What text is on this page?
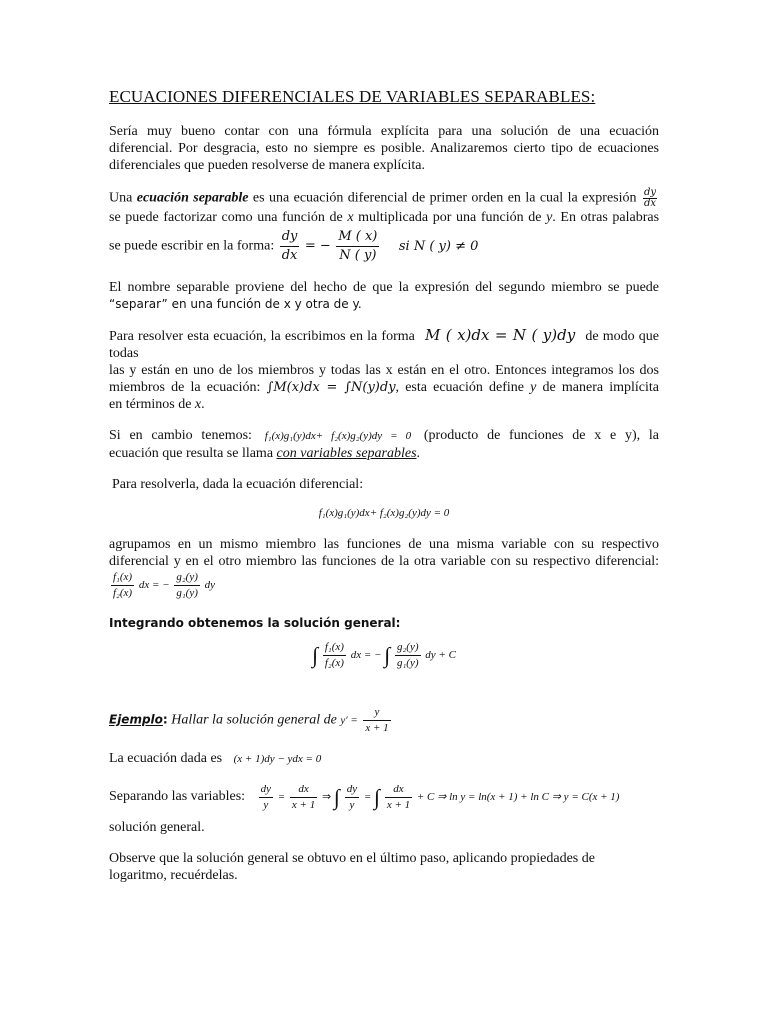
ECUACIONES DIFERENCIALES DE VARIABLES SEPARABLES:

Sería muy bueno contar con una fórmula explícita para una solución de una ecuación

diferencial. Por desgracia, esto no siempre es posible. Analizaremos cierto tipo de ecuaciones

diferenciales que pueden resolverse de manera explícita.

Una ecuación separable es una ecuación diferencial de primer orden en la cual la expresión $\frac{dy}{dx}$

se puede factorizar como una función de x multiplicada por una función de y. En otras palabras

se puede escribir en la forma: $\frac{dy}{dx}$ = − $\frac{M ( x)}{N ( y)}$ si N ( y) ≠ 0

El nombre separable proviene del hecho de que la expresión del segundo miembro se puede

“separar” en una función de x y otra de y.

Para resolver esta ecuación, la escribimos en la forma M ( x)dx = N ( y)dy de modo que todas

las y están en uno de los miembros y todas las x están en el otro. Entonces integramos los dos

miembros de la ecuación: ∫M(x)dx = ∫N(y)dy, esta ecuación define y de manera implícita

en términos de x.

Si en cambio tenemos: f₁(x)g₁(y)dx+ f₂(x)g₂(y)dy = 0 (producto de funciones de x e y), la

ecuación que resulta se llama con variables separables.

Para resolverla, dada la ecuación diferencial:

f₁(x)g₁(y)dx+ f₂(x)g₂(y)dy = 0

agrupamos en un mismo miembro las funciones de una misma variable con su respectivo

diferencial y en el otro miembro las funciones de la otra variable con su respectivo diferencial:

$\frac{\text{f₁(x)}}{\text{f₂(x)}}$ dx = − $\frac{\text{g₂(y)}}{\text{g₁(y)}}$ dy

Integrando obtenemos la solución general:

∫ $\frac{\text{f₁(x)}}{\text{f₂(x)}}$ dx = − ∫ $\frac{\text{g₂(y)}}{\text{g₁(y)}}$ dy + C

Ejemplo: Hallar la solución general de $y' = \frac{y}{x + 1}$

La ecuación dada es (x + 1)dy − ydx = 0

Separando las variables: $\frac{dy}{y} = \frac{dx}{x + 1}$ ⇒ ∫ $\frac{dy}{y}$ = ∫ $\frac{dx}{x + 1} + C$ ⇒ ln y = ln(x + 1) + ln C ⇒ y = C(x + 1)

solución general.

Observe que la solución general se obtuvo en el último paso, aplicando propiedades de

logaritmo, recuérdelas.
